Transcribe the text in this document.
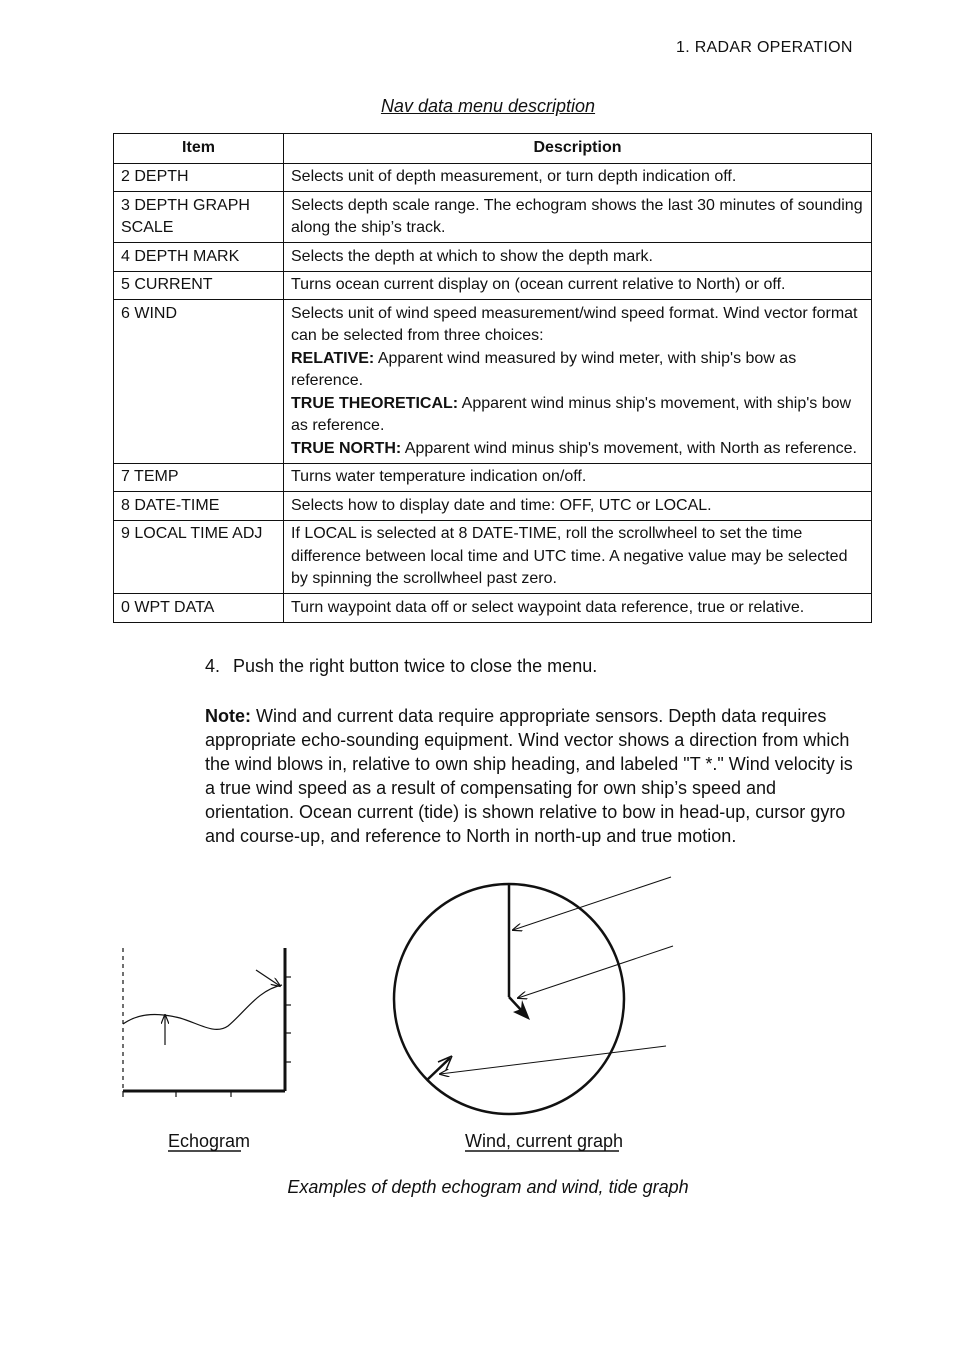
1. RADAR OPERATION
Nav data menu description
Item	Description
2 DEPTH	Selects unit of depth measurement, or turn depth indication off.
3 DEPTH GRAPH SCALE	Selects depth scale range. The echogram shows the last 30 minutes of sounding along the ship’s track.
4 DEPTH MARK	Selects the depth at which to show the depth mark.
5 CURRENT	Turns ocean current display on (ocean current relative to North) or off.
6 WIND	Selects unit of wind speed measurement/wind speed format. Wind vector format can be selected from three choices:
RELATIVE: Apparent wind measured by wind meter, with ship's bow as reference.
TRUE THEORETICAL: Apparent wind minus ship's movement, with ship's bow as reference.
TRUE NORTH: Apparent wind minus ship's movement, with North as reference.

7 TEMP	Turns water temperature indication on/off.
8 DATE-TIME	Selects how to display date and time: OFF, UTC or LOCAL.
9 LOCAL TIME ADJ	If LOCAL is selected at 8 DATE-TIME, roll the scrollwheel to set the time difference between local time and UTC time. A negative value may be selected by spinning the scrollwheel past zero.
0 WPT DATA	Turn waypoint data off or select waypoint data reference, true or relative.
4. Push the right button twice to close the menu.
Note: Wind and current data require appropriate sensors. Depth data requires appropriate echo-sounding equipment. Wind vector shows a direction from which the wind blows in, relative to own ship heading, and labeled "T *." Wind velocity is a true wind speed as a result of compensating for own ship’s speed and orientation. Ocean current (tide) is shown relative to bow in head-up, cursor gyro and course-up, and reference to North in north-up and true motion.
Echogram	Wind, current graph
Examples of depth echogram and wind, tide graph
